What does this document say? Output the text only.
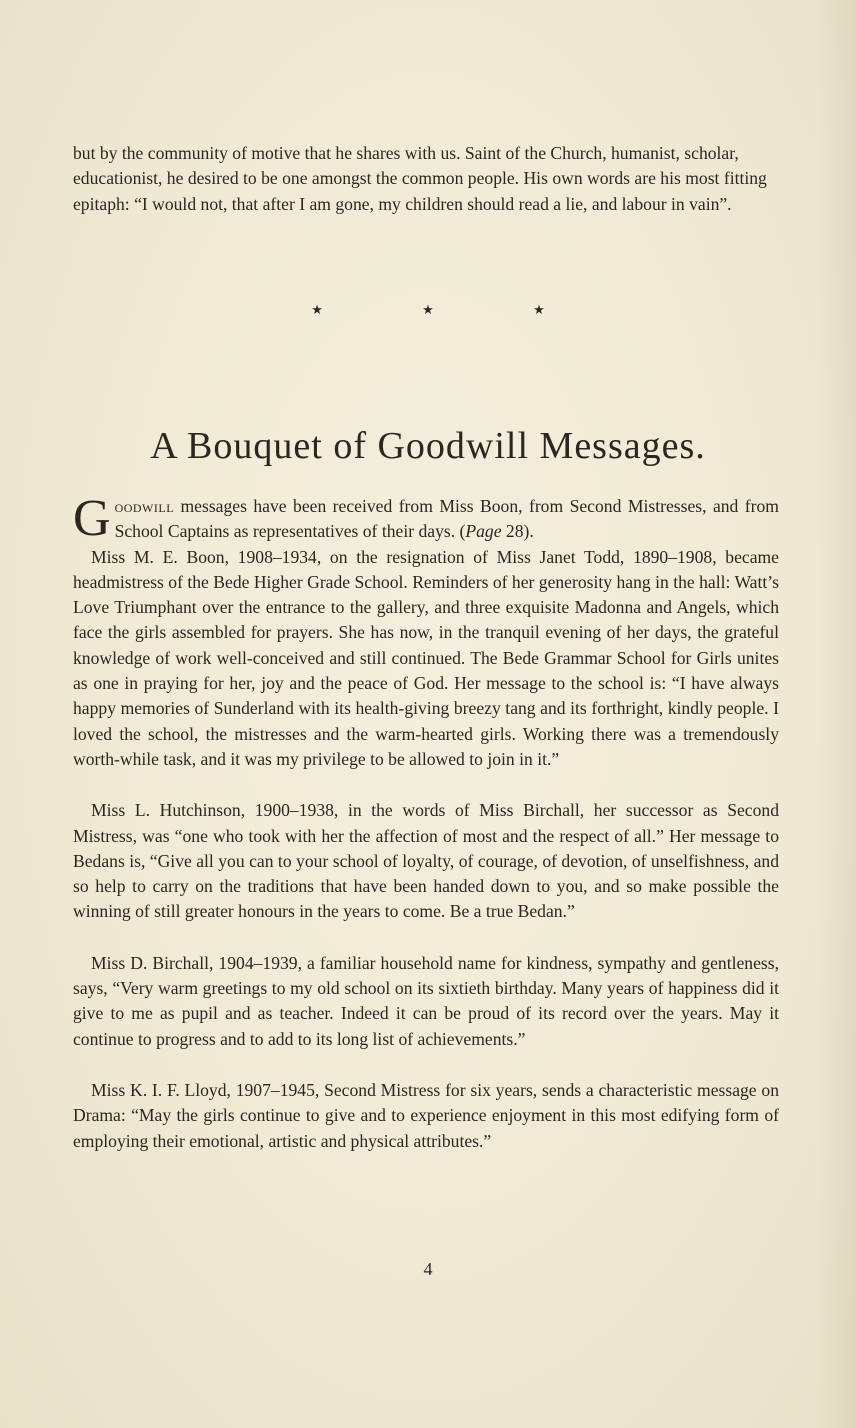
but by the community of motive that he shares with us. Saint of the Church, humanist, scholar, educationist, he desired to be one amongst the common people. His own words are his most fitting epitaph: “I would not, that after I am gone, my children should read a lie, and labour in vain”.

★ ★ ★
A Bouquet of Goodwill Messages.

Goodwill messages have been received from Miss Boon, from Second Mistresses, and from School Captains as representatives of their days. (Page 28).

Miss M. E. Boon, 1908–1934, on the resignation of Miss Janet Todd, 1890–1908, became headmistress of the Bede Higher Grade School. Reminders of her generosity hang in the hall: Watt’s Love Triumphant over the entrance to the gallery, and three exquisite Madonna and Angels, which face the girls assembled for prayers. She has now, in the tranquil evening of her days, the grateful knowledge of work well-conceived and still continued. The Bede Grammar School for Girls unites as one in praying for her, joy and the peace of God. Her message to the school is: “I have always happy memories of Sunderland with its health-giving breezy tang and its forthright, kindly people. I loved the school, the mistresses and the warm-hearted girls. Working there was a tremendously worth-while task, and it was my privilege to be allowed to join in it.”

Miss L. Hutchinson, 1900–1938, in the words of Miss Birchall, her successor as Second Mistress, was “one who took with her the affection of most and the respect of all.” Her message to Bedans is, “Give all you can to your school of loyalty, of courage, of devotion, of unselfishness, and so help to carry on the traditions that have been handed down to you, and so make possible the winning of still greater honours in the years to come. Be a true Bedan.”

Miss D. Birchall, 1904–1939, a familiar household name for kindness, sympathy and gentleness, says, “Very warm greetings to my old school on its sixtieth birthday. Many years of happiness did it give to me as pupil and as teacher. Indeed it can be proud of its record over the years. May it continue to progress and to add to its long list of achievements.”

Miss K. I. F. Lloyd, 1907–1945, Second Mistress for six years, sends a characteristic message on Drama: “May the girls continue to give and to experience enjoyment in this most edifying form of employing their emotional, artistic and physical attributes.”

4
